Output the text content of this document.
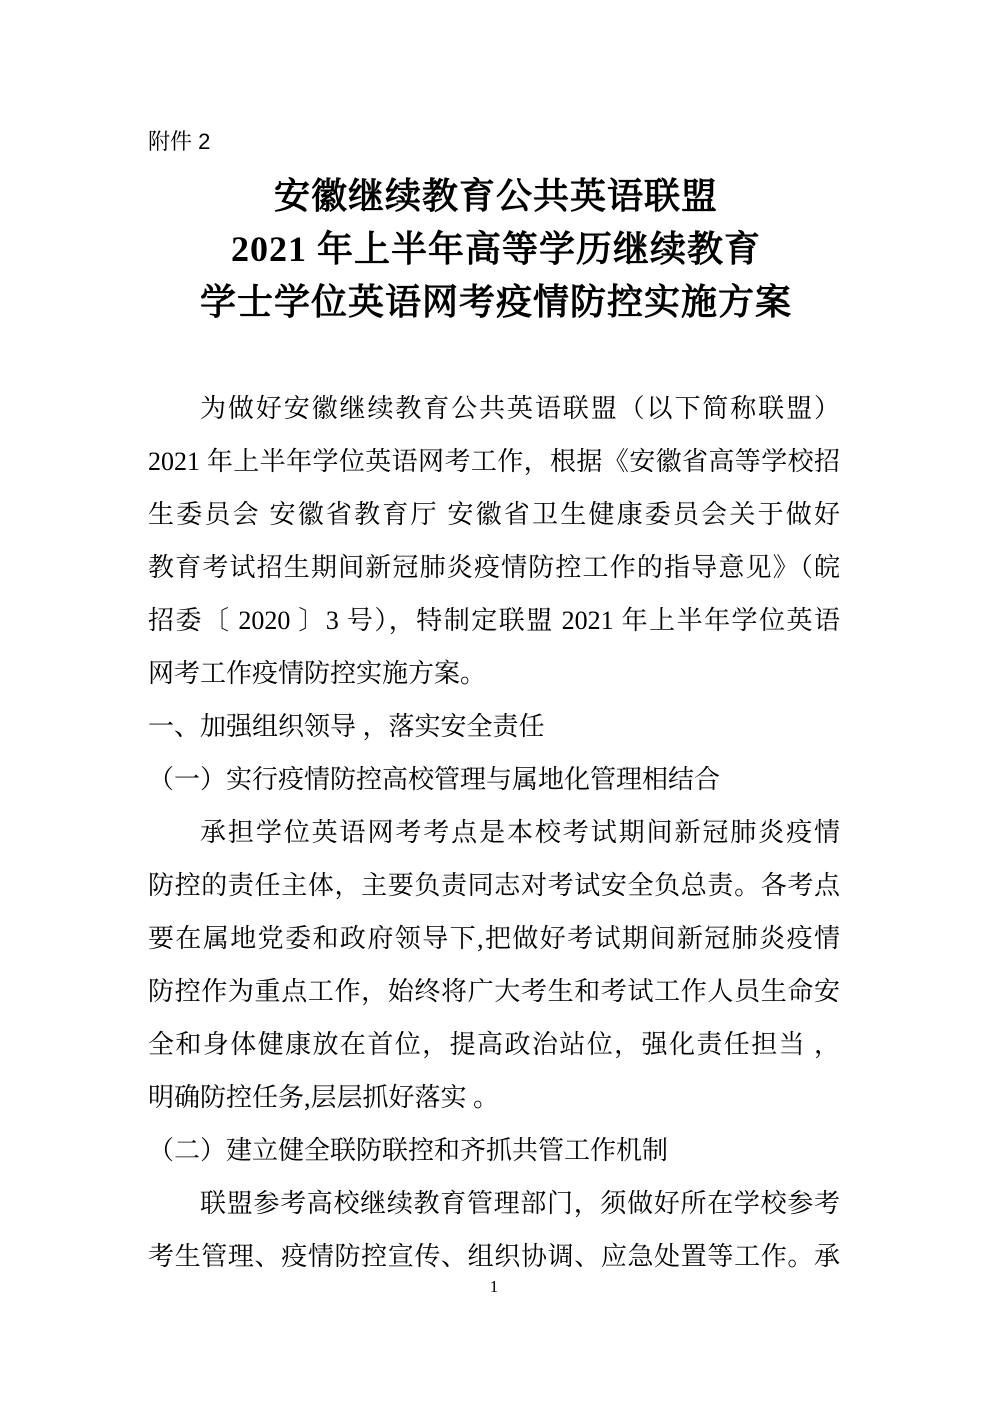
附件 2
安徽继续教育公共英语联盟
2021 年上半年高等学历继续教育
学士学位英语网考疫情防控实施方案
为做好安徽继续教育公共英语联盟（以下简称联盟）
2021 年上半年学位英语网考工作，根据《安徽省高等学校招
生委员会 安徽省教育厅 安徽省卫生健康委员会关于做好
教育考试招生期间新冠肺炎疫情防控工作的指导意见》（皖
招委〔 2020 〕3 号），特制定联盟 2021 年上半年学位英语
网考工作疫情防控实施方案。
一、加强组织领导 ，落实安全责任
（一）实行疫情防控高校管理与属地化管理相结合
承担学位英语网考考点是本校考试期间新冠肺炎疫情
防控的责任主体，主要负责同志对考试安全负总责。各考点
要在属地党委和政府领导下,把做好考试期间新冠肺炎疫情
防控作为重点工作，始终将广大考生和考试工作人员生命安
全和身体健康放在首位，提高政治站位，强化责任担当 ，
明确防控任务,层层抓好落实 。
（二）建立健全联防联控和齐抓共管工作机制
联盟参考高校继续教育管理部门，须做好所在学校参考
考生管理、疫情防控宣传、组织协调、应急处置等工作。承
1
